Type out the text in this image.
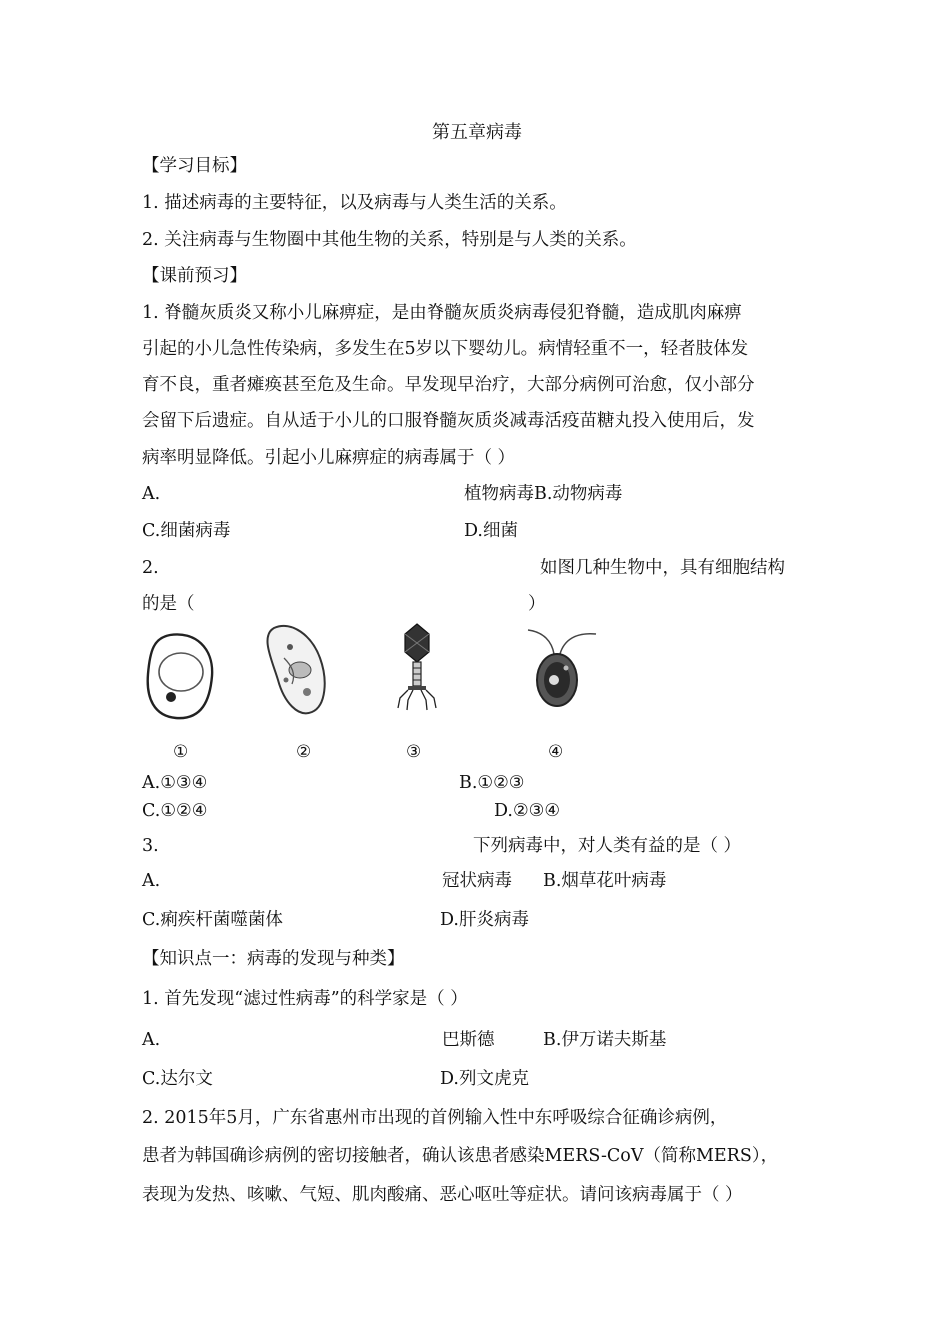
第五章病毒
【学习目标】
1. 描述病毒的主要特征，以及病毒与人类生活的关系。
2. 关注病毒与生物圈中其他生物的关系，特别是与人类的关系。
【课前预习】
1. 脊髓灰质炎又称小儿麻痹症，是由脊髓灰质炎病毒侵犯脊髓，造成肌肉麻痹
引起的小儿急性传染病，多发生在5岁以下婴幼儿。病情轻重不一，轻者肢体发
育不良，重者瘫痪甚至危及生命。早发现早治疗，大部分病例可治愈，仅小部分
会留下后遗症。自从适于小儿的口服脊髓灰质炎减毒活疫苗糖丸投入使用后，发
病率明显降低。引起小儿麻痹症的病毒属于（ ）
A.	植物病毒B.动物病毒
C.细菌病毒	D.细菌
2.	如图几种生物中，具有细胞结构
的是（	）
①	②	③	④
A.①③④	B.①②③
C.①②④	D.②③④
3.	下列病毒中，对人类有益的是（ ）
A.	冠状病毒 B.烟草花叶病毒
C.痢疾杆菌噬菌体	D.肝炎病毒
【知识点一：病毒的发现与种类】
1. 首先发现“滤过性病毒”的科学家是（ ）
A.	巴斯德	B.伊万诺夫斯基
C.达尔文	D.列文虎克
2. 2015年5月，广东省惠州市出现的首例输入性中东呼吸综合征确诊病例，
患者为韩国确诊病例的密切接触者，确认该患者感染MERS-CoV（简称MERS），
表现为发热、咳嗽、气短、肌肉酸痛、恶心呕吐等症状。请问该病毒属于（ ）
